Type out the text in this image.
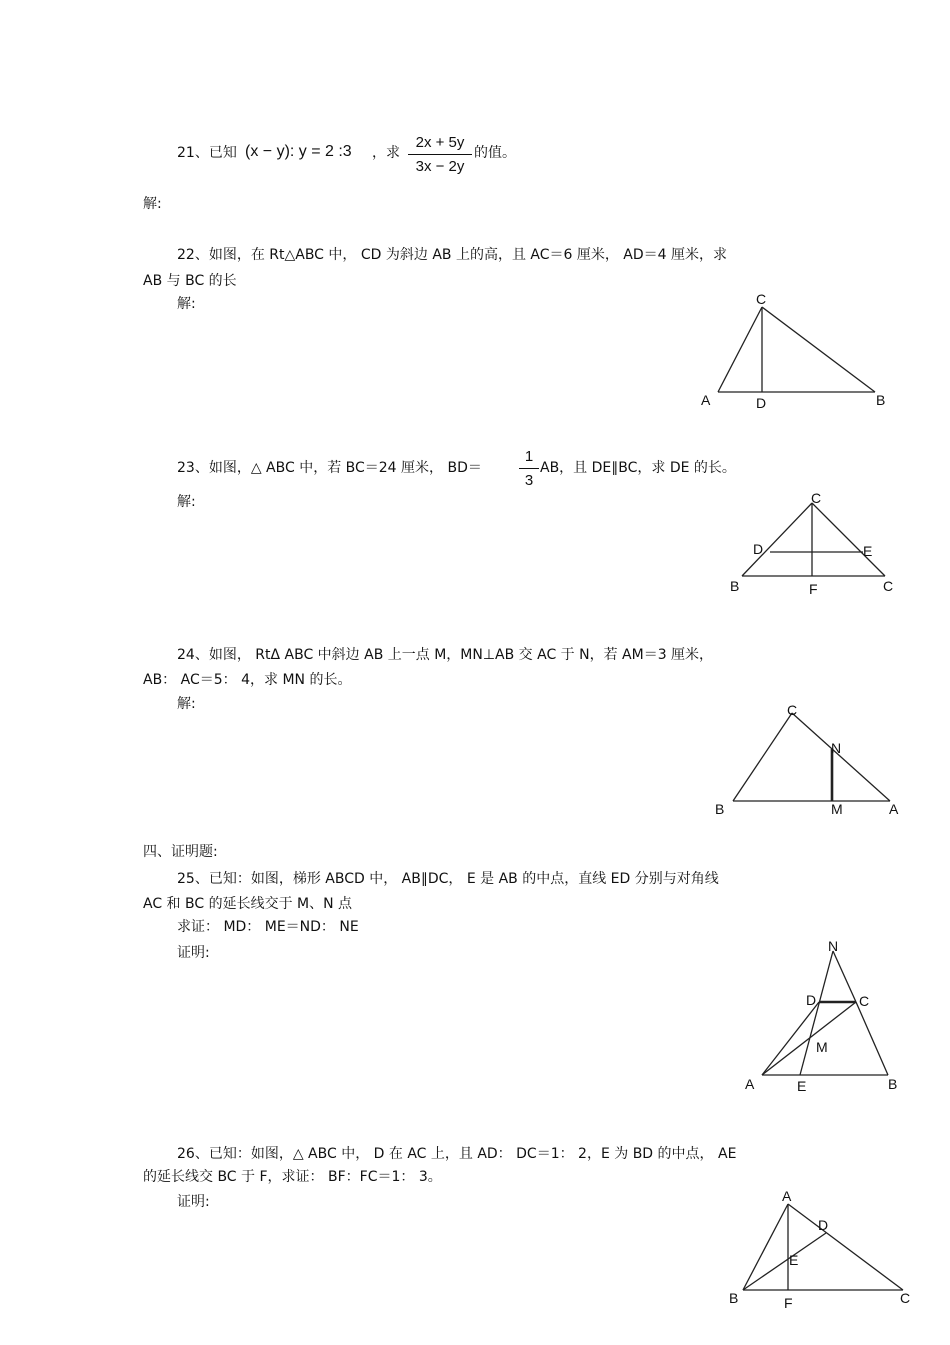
21、已知 (x − y): y = 2 :3 ，求 $\frac{2x + 5y}{3x - 2y}$ 的值。
解:
22、如图，在 Rt△ABC 中， CD 为斜边 AB 上的高，且 AC＝6 厘米， AD＝4 厘米，求
AB 与 BC 的长
解:	C
A	D	B
23、如图，△ ABC 中，若 BC＝24 厘米， $BD= \frac{1}{3}$ AB，且 DE∥BC，求 DE 的长。
解:	C
D	E
B	F	C
24、如图， RtΔ ABC 中斜边 AB 上一点 M，MN⊥AB 交 AC 于 N，若 AM＝3 厘米，
AB： AC＝5： 4，求 MN 的长。
解:	C
N
B	M	A
四、证明题:
25、已知：如图，梯形 ABCD 中， AB∥DC， E 是 AB 的中点，直线 ED 分别与对角线
AC 和 BC 的延长线交于 M、N 点
求证： MD： ME＝ND： NE
证明:	N
D	C
M
A	E	B
26、已知：如图，△ ABC 中， D 在 AC 上，且 AD： DC＝1： 2，E 为 BD 的中点， AE
的延长线交 BC 于 F，求证： BF：FC＝1： 3。
证明:	A
D
E
B	F	C
